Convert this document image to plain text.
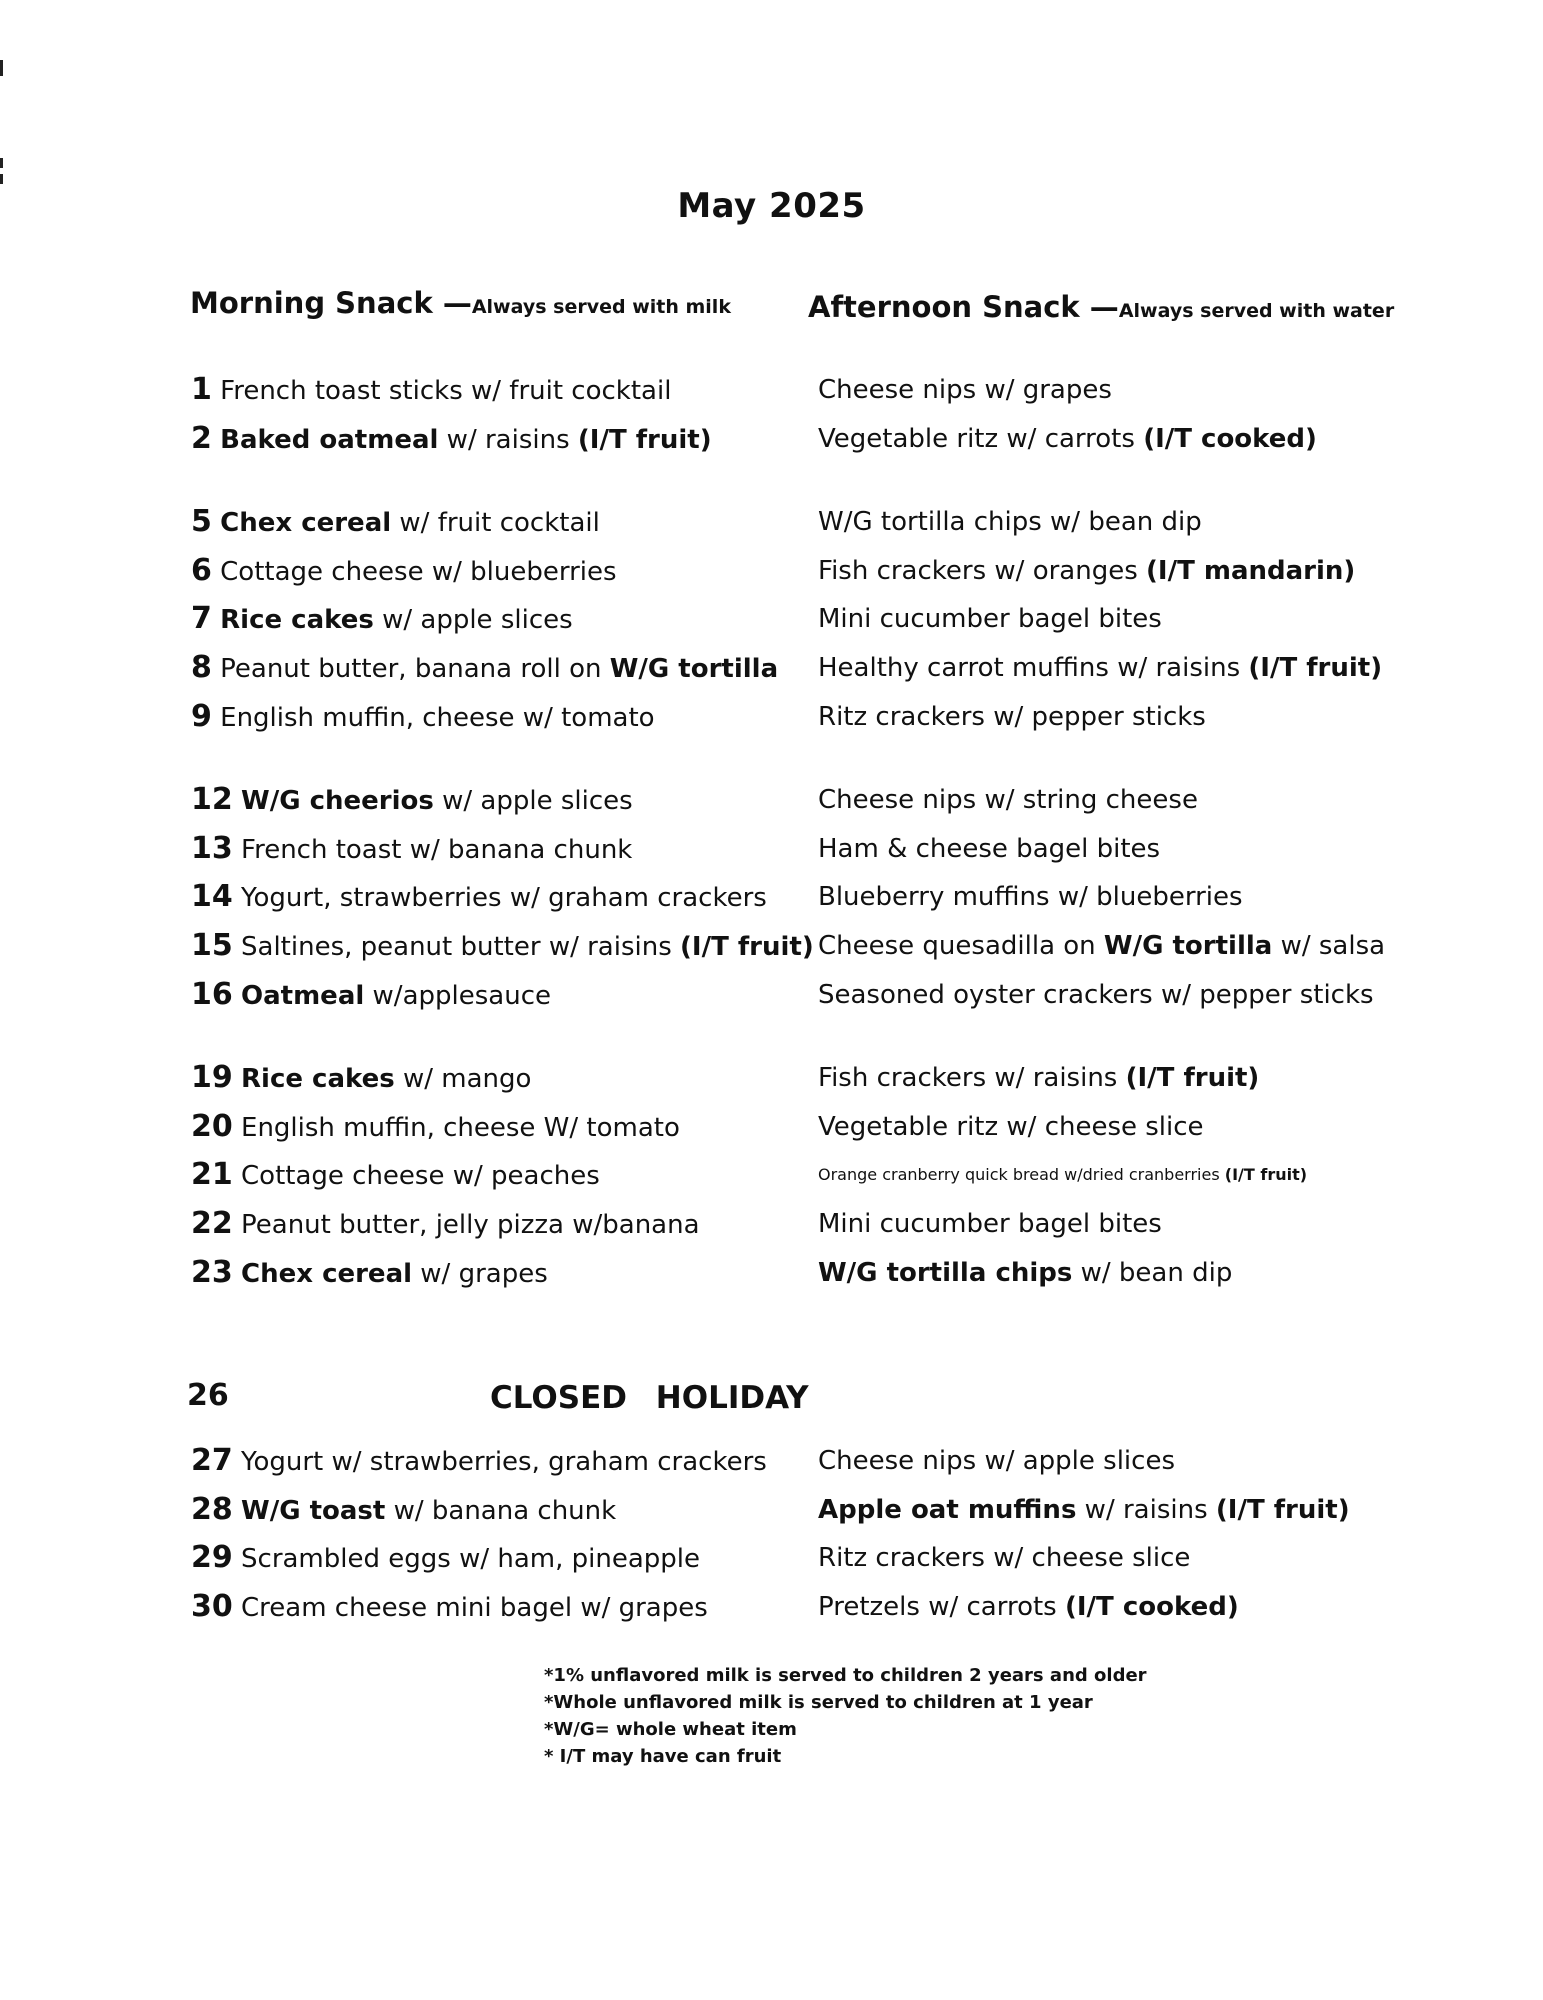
May 2025
Morning Snack —Always served with milk	Afternoon Snack —Always served with water
1 French toast sticks w/ fruit cocktail
2 Baked oatmeal w/ raisins (I/T fruit)
5 Chex cereal w/ fruit cocktail
6 Cottage cheese w/ blueberries
7 Rice cakes w/ apple slices
8 Peanut butter, banana roll on W/G tortilla
9 English muffin, cheese w/ tomato
12 W/G cheerios w/ apple slices
13 French toast w/ banana chunk
14 Yogurt, strawberries w/ graham crackers
15 Saltines, peanut butter w/ raisins (I/T fruit)
16 Oatmeal w/applesauce
19 Rice cakes w/ mango
20 English muffin, cheese W/ tomato
21 Cottage cheese w/ peaches
22 Peanut butter, jelly pizza w/banana
23 Chex cereal w/ grapes
27 Yogurt w/ strawberries, graham crackers
28 W/G toast w/ banana chunk
29 Scrambled eggs w/ ham, pineapple
30 Cream cheese mini bagel w/ grapes
Cheese nips w/ grapes
Vegetable ritz w/ carrots (I/T cooked)
W/G tortilla chips w/ bean dip
Fish crackers w/ oranges (I/T mandarin)
Mini cucumber bagel bites
Healthy carrot muffins w/ raisins (I/T fruit)
Ritz crackers w/ pepper sticks
Cheese nips w/ string cheese
Ham & cheese bagel bites
Blueberry muffins w/ blueberries
Cheese quesadilla on W/G tortilla w/ salsa
Seasoned oyster crackers w/ pepper sticks
Fish crackers w/ raisins (I/T fruit)
Vegetable ritz w/ cheese slice
Orange cranberry quick bread w/dried cranberries (I/T fruit)
Mini cucumber bagel bites
W/G tortilla chips w/ bean dip
Cheese nips w/ apple slices
Apple oat muffins w/ raisins (I/T fruit)
Ritz crackers w/ cheese slice
Pretzels w/ carrots (I/T cooked)
26	CLOSED HOLIDAY
*1% unflavored milk is served to children 2 years and older
*Whole unflavored milk is served to children at 1 year
*W/G= whole wheat item
* I/T may have can fruit
